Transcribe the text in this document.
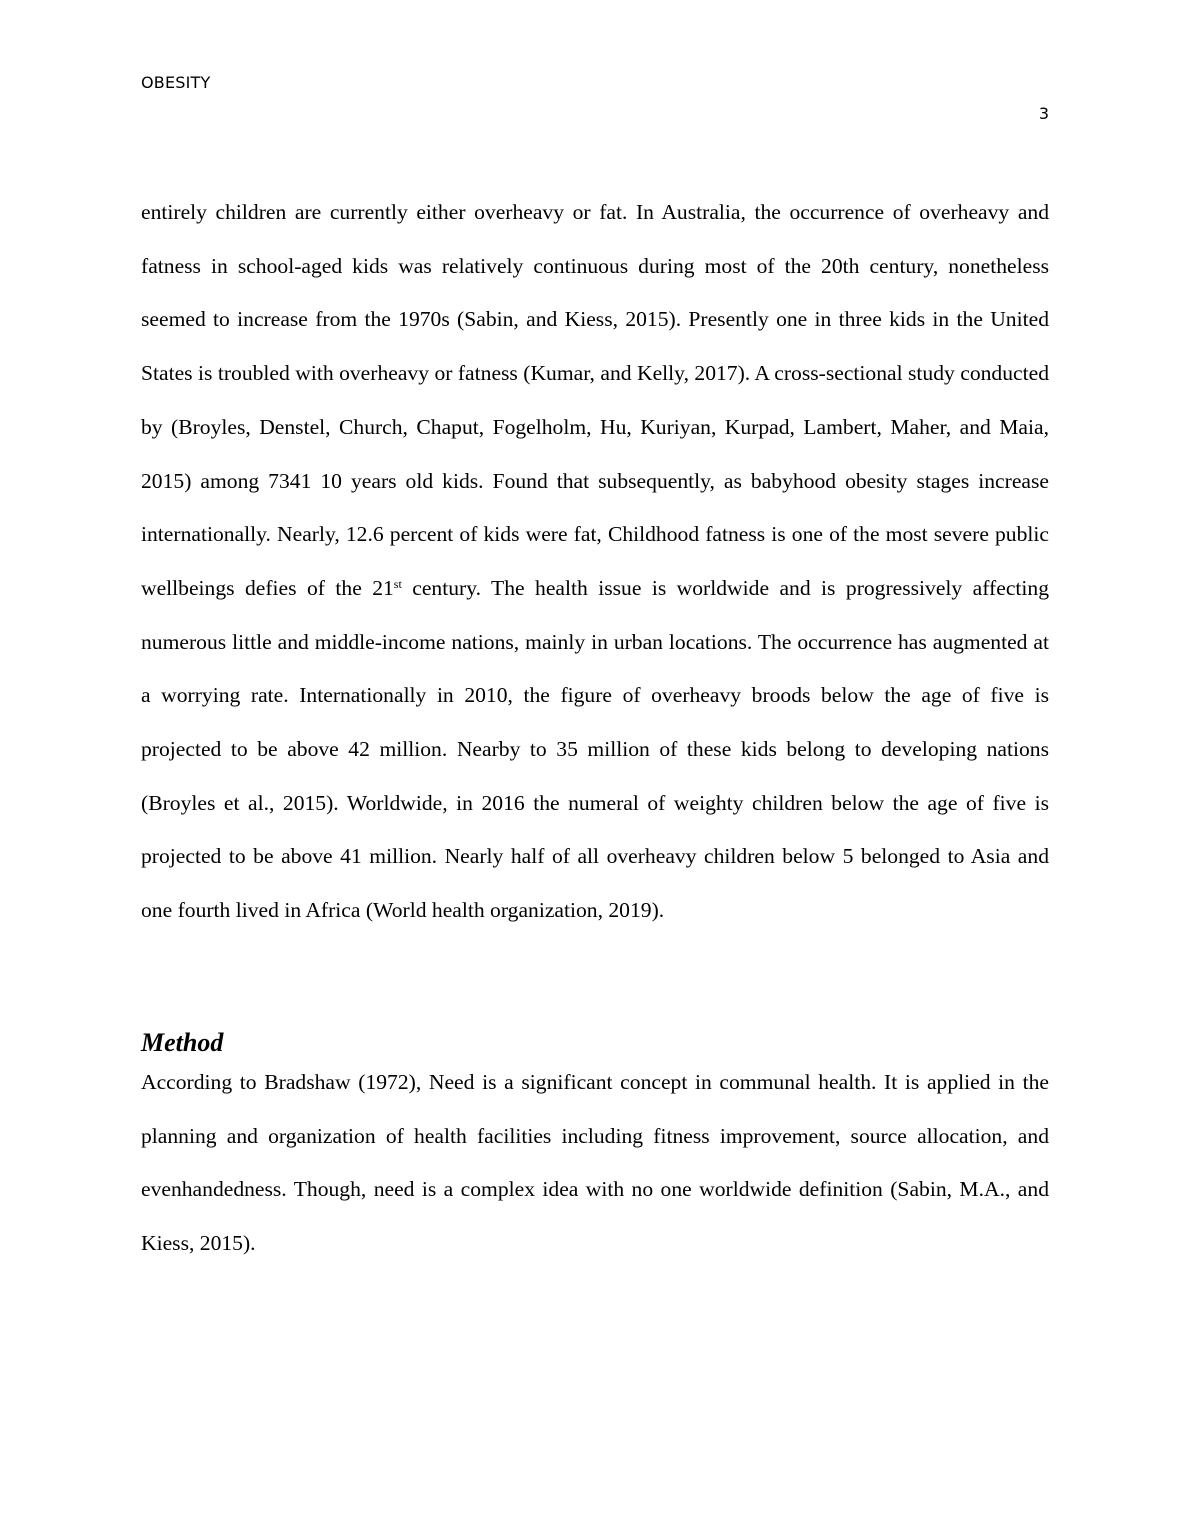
OBESITY
3

entirely children are currently either overheavy or fat. In Australia, the occurrence of overheavy and fatness in school-aged kids was relatively continuous during most of the 20th century, nonetheless seemed to increase from the 1970s (Sabin, and Kiess, 2015). Presently one in three kids in the United States is troubled with overheavy or fatness (Kumar, and Kelly, 2017). A cross-sectional study conducted by (Broyles, Denstel, Church, Chaput, Fogelholm, Hu, Kuriyan, Kurpad, Lambert, Maher, and Maia, 2015) among 7341 10 years old kids. Found that subsequently, as babyhood obesity stages increase internationally. Nearly, 12.6 percent of kids were fat, Childhood fatness is one of the most severe public wellbeings defies of the 21st century. The health issue is worldwide and is progressively affecting numerous little and middle-income nations, mainly in urban locations. The occurrence has augmented at a worrying rate. Internationally in 2010, the figure of overheavy broods below the age of five is projected to be above 42 million. Nearby to 35 million of these kids belong to developing nations (Broyles et al., 2015). Worldwide, in 2016 the numeral of weighty children below the age of five is projected to be above 41 million. Nearly half of all overheavy children below 5 belonged to Asia and one fourth lived in Africa (World health organization, 2019).

Method

According to Bradshaw (1972), Need is a significant concept in communal health. It is applied in the planning and organization of health facilities including fitness improvement, source allocation, and evenhandedness. Though, need is a complex idea with no one worldwide definition (Sabin, M.A., and Kiess, 2015).
